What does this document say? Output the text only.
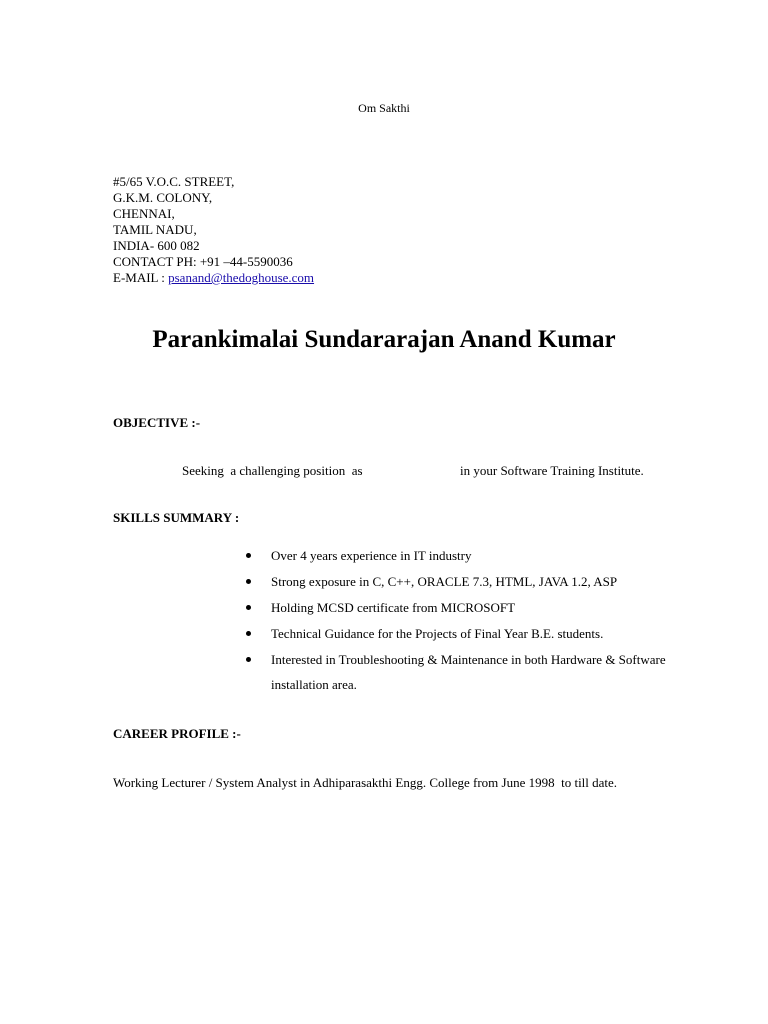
Om Sakthi
#5/65 V.O.C. STREET,
G.K.M. COLONY,
CHENNAI,
TAMIL NADU,
INDIA- 600 082
CONTACT PH: +91 –44-5590036
E-MAIL : psanand@thedoghouse.com
Parankimalai Sundararajan Anand Kumar
OBJECTIVE :-
Seeking  a challenging position  as	in your Software Training Institute.
SKILLS SUMMARY :
Over 4 years experience in IT industry
Strong exposure in C, C++, ORACLE 7.3, HTML, JAVA 1.2, ASP
Holding MCSD certificate from MICROSOFT
Technical Guidance for the Projects of Final Year B.E. students.
Interested in Troubleshooting & Maintenance in both Hardware & Software installation area.
CAREER PROFILE :-
Working Lecturer / System Analyst in Adhiparasakthi Engg. College from June 1998  to till date.
